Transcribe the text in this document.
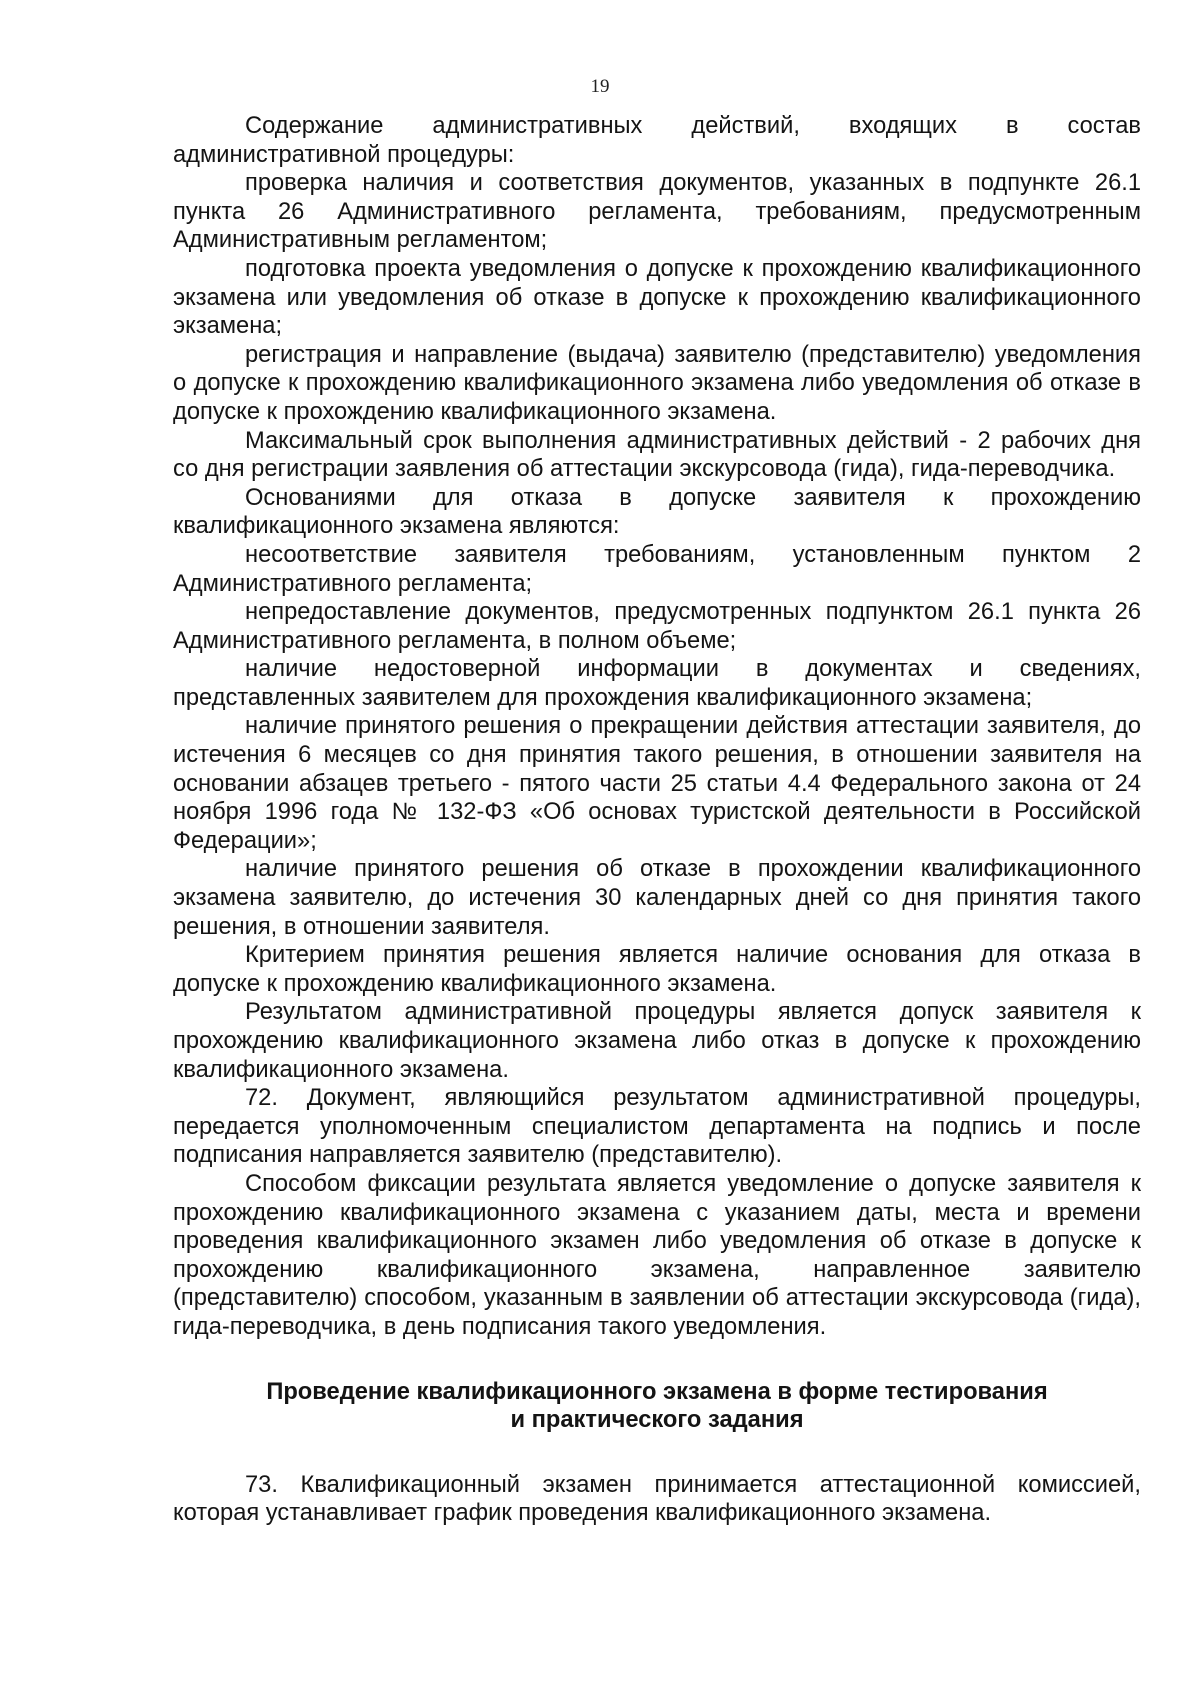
19

Содержание административных действий, входящих в состав административной процедуры:

проверка наличия и соответствия документов, указанных в подпункте 26.1 пункта 26 Административного регламента, требованиям, предусмотренным Административным регламентом;

подготовка проекта уведомления о допуске к прохождению квалификационного экзамена или уведомления об отказе в допуске к прохождению квалификационного экзамена;

регистрация и направление (выдача) заявителю (представителю) уведомления о допуске к прохождению квалификационного экзамена либо уведомления об отказе в допуске к прохождению квалификационного экзамена.

Максимальный срок выполнения административных действий - 2 рабочих дня со дня регистрации заявления об аттестации экскурсовода (гида), гида-переводчика.

Основаниями для отказа в допуске заявителя к прохождению квалификационного экзамена являются:

несоответствие заявителя требованиям, установленным пунктом 2 Административного регламента;

непредоставление документов, предусмотренных подпунктом 26.1 пункта 26 Административного регламента, в полном объеме;

наличие недостоверной информации в документах и сведениях, представленных заявителем для прохождения квалификационного экзамена;

наличие принятого решения о прекращении действия аттестации заявителя, до истечения 6 месяцев со дня принятия такого решения, в отношении заявителя на основании абзацев третьего - пятого части 25 статьи 4.4 Федерального закона от 24 ноября 1996 года № 132-ФЗ «Об основах туристской деятельности в Российской Федерации»;

наличие принятого решения об отказе в прохождении квалификационного экзамена заявителю, до истечения 30 календарных дней со дня принятия такого решения, в отношении заявителя.

Критерием принятия решения является наличие основания для отказа в допуске к прохождению квалификационного экзамена.

Результатом административной процедуры является допуск заявителя к прохождению квалификационного экзамена либо отказ в допуске к прохождению квалификационного экзамена.

72. Документ, являющийся результатом административной процедуры, передается уполномоченным специалистом департамента на подпись и после подписания направляется заявителю (представителю).

Способом фиксации результата является уведомление о допуске заявителя к прохождению квалификационного экзамена с указанием даты, места и времени проведения квалификационного экзамен либо уведомления об отказе в допуске к прохождению квалификационного экзамена, направленное заявителю (представителю) способом, указанным в заявлении об аттестации экскурсовода (гида), гида-переводчика, в день подписания такого уведомления.

Проведение квалификационного экзамена в форме тестирования
и практического задания

73. Квалификационный экзамен принимается аттестационной комиссией, которая устанавливает график проведения квалификационного экзамена.
